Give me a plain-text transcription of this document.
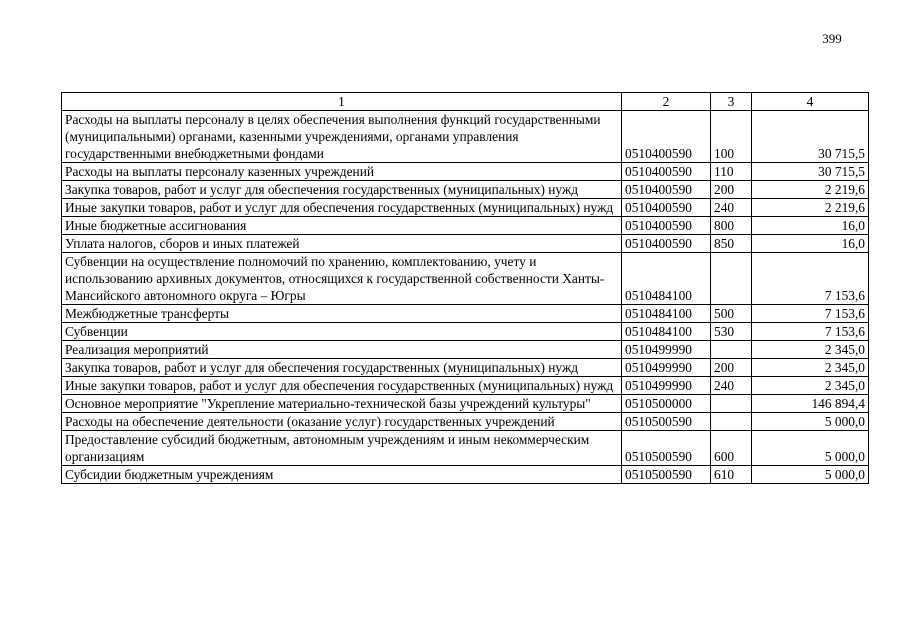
399
1	2	3	4
Расходы на выплаты персоналу в целях обеспечения выполнения функций государственными (муниципальными) органами, казенными учреждениями, органами управления государственными внебюджетными фондами	0510400590	100	30 715,5
Расходы на выплаты персоналу казенных учреждений	0510400590	110	30 715,5
Закупка товаров, работ и услуг для обеспечения государственных (муниципальных) нужд	0510400590	200	2 219,6
Иные закупки товаров, работ и услуг для обеспечения государственных (муниципальных) нужд	0510400590	240	2 219,6
Иные бюджетные ассигнования	0510400590	800	16,0
Уплата налогов, сборов и иных платежей	0510400590	850	16,0
Субвенции на осуществление полномочий по хранению, комплектованию, учету и использованию архивных документов, относящихся к государственной собственности Ханты-Мансийского автономного округа – Югры	0510484100		7 153,6
Межбюджетные трансферты	0510484100	500	7 153,6
Субвенции	0510484100	530	7 153,6
Реализация мероприятий	0510499990		2 345,0
Закупка товаров, работ и услуг для обеспечения государственных (муниципальных) нужд	0510499990	200	2 345,0
Иные закупки товаров, работ и услуг для обеспечения государственных (муниципальных) нужд	0510499990	240	2 345,0
Основное мероприятие "Укрепление материально-технической базы учреждений культуры"	0510500000		146 894,4
Расходы на обеспечение деятельности (оказание услуг) государственных учреждений	0510500590		5 000,0
Предоставление субсидий бюджетным, автономным учреждениям и иным некоммерческим организациям	0510500590	600	5 000,0
Субсидии бюджетным учреждениям	0510500590	610	5 000,0
